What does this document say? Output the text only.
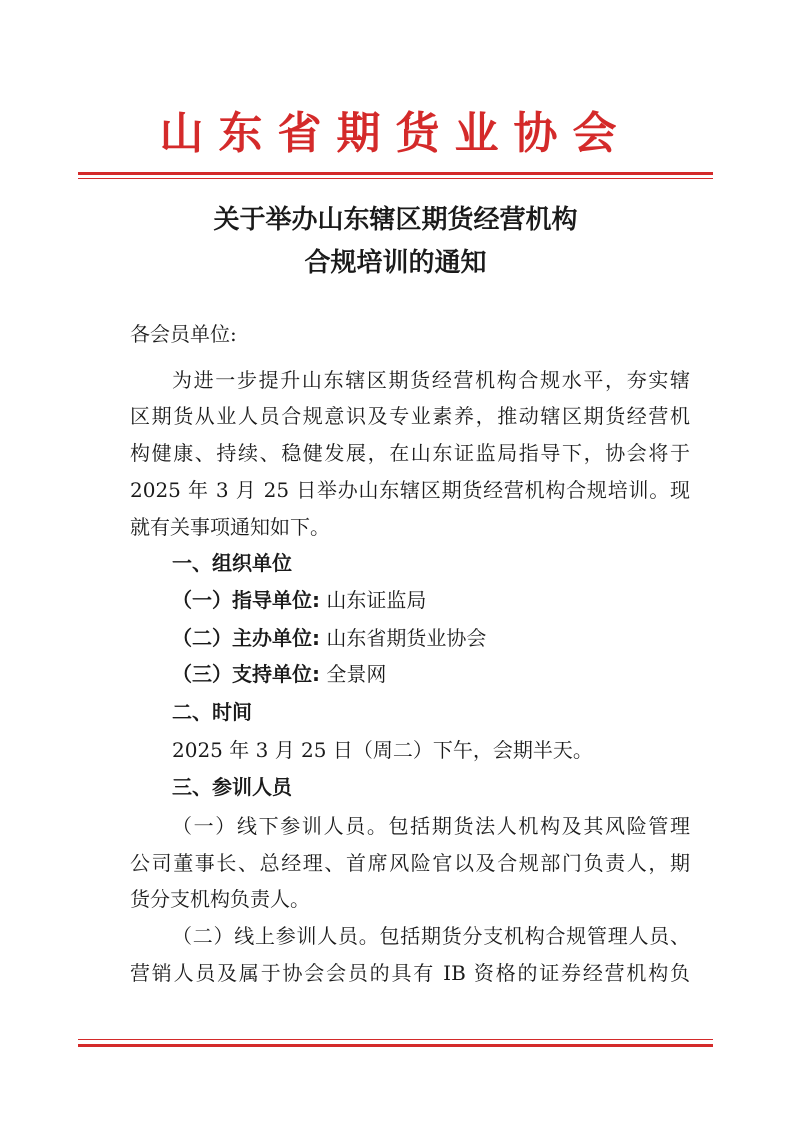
山东省期货业协会
关于举办山东辖区期货经营机构
合规培训的通知
各会员单位:
为进一步提升山东辖区期货经营机构合规水平，夯实辖
区期货从业人员合规意识及专业素养，推动辖区期货经营机
构健康、持续、稳健发展，在山东证监局指导下，协会将于
2025 年 3 月 25 日举办山东辖区期货经营机构合规培训。现
就有关事项通知如下。
一、组织单位
（一）指导单位: 山东证监局
（二）主办单位: 山东省期货业协会
（三）支持单位: 全景网
二、时间
2025 年 3 月 25 日（周二）下午，会期半天。
三、参训人员
（一）线下参训人员。包括期货法人机构及其风险管理
公司董事长、总经理、首席风险官以及合规部门负责人，期
货分支机构负责人。
（二）线上参训人员。包括期货分支机构合规管理人员、
营销人员及属于协会会员的具有 IB 资格的证券经营机构负
